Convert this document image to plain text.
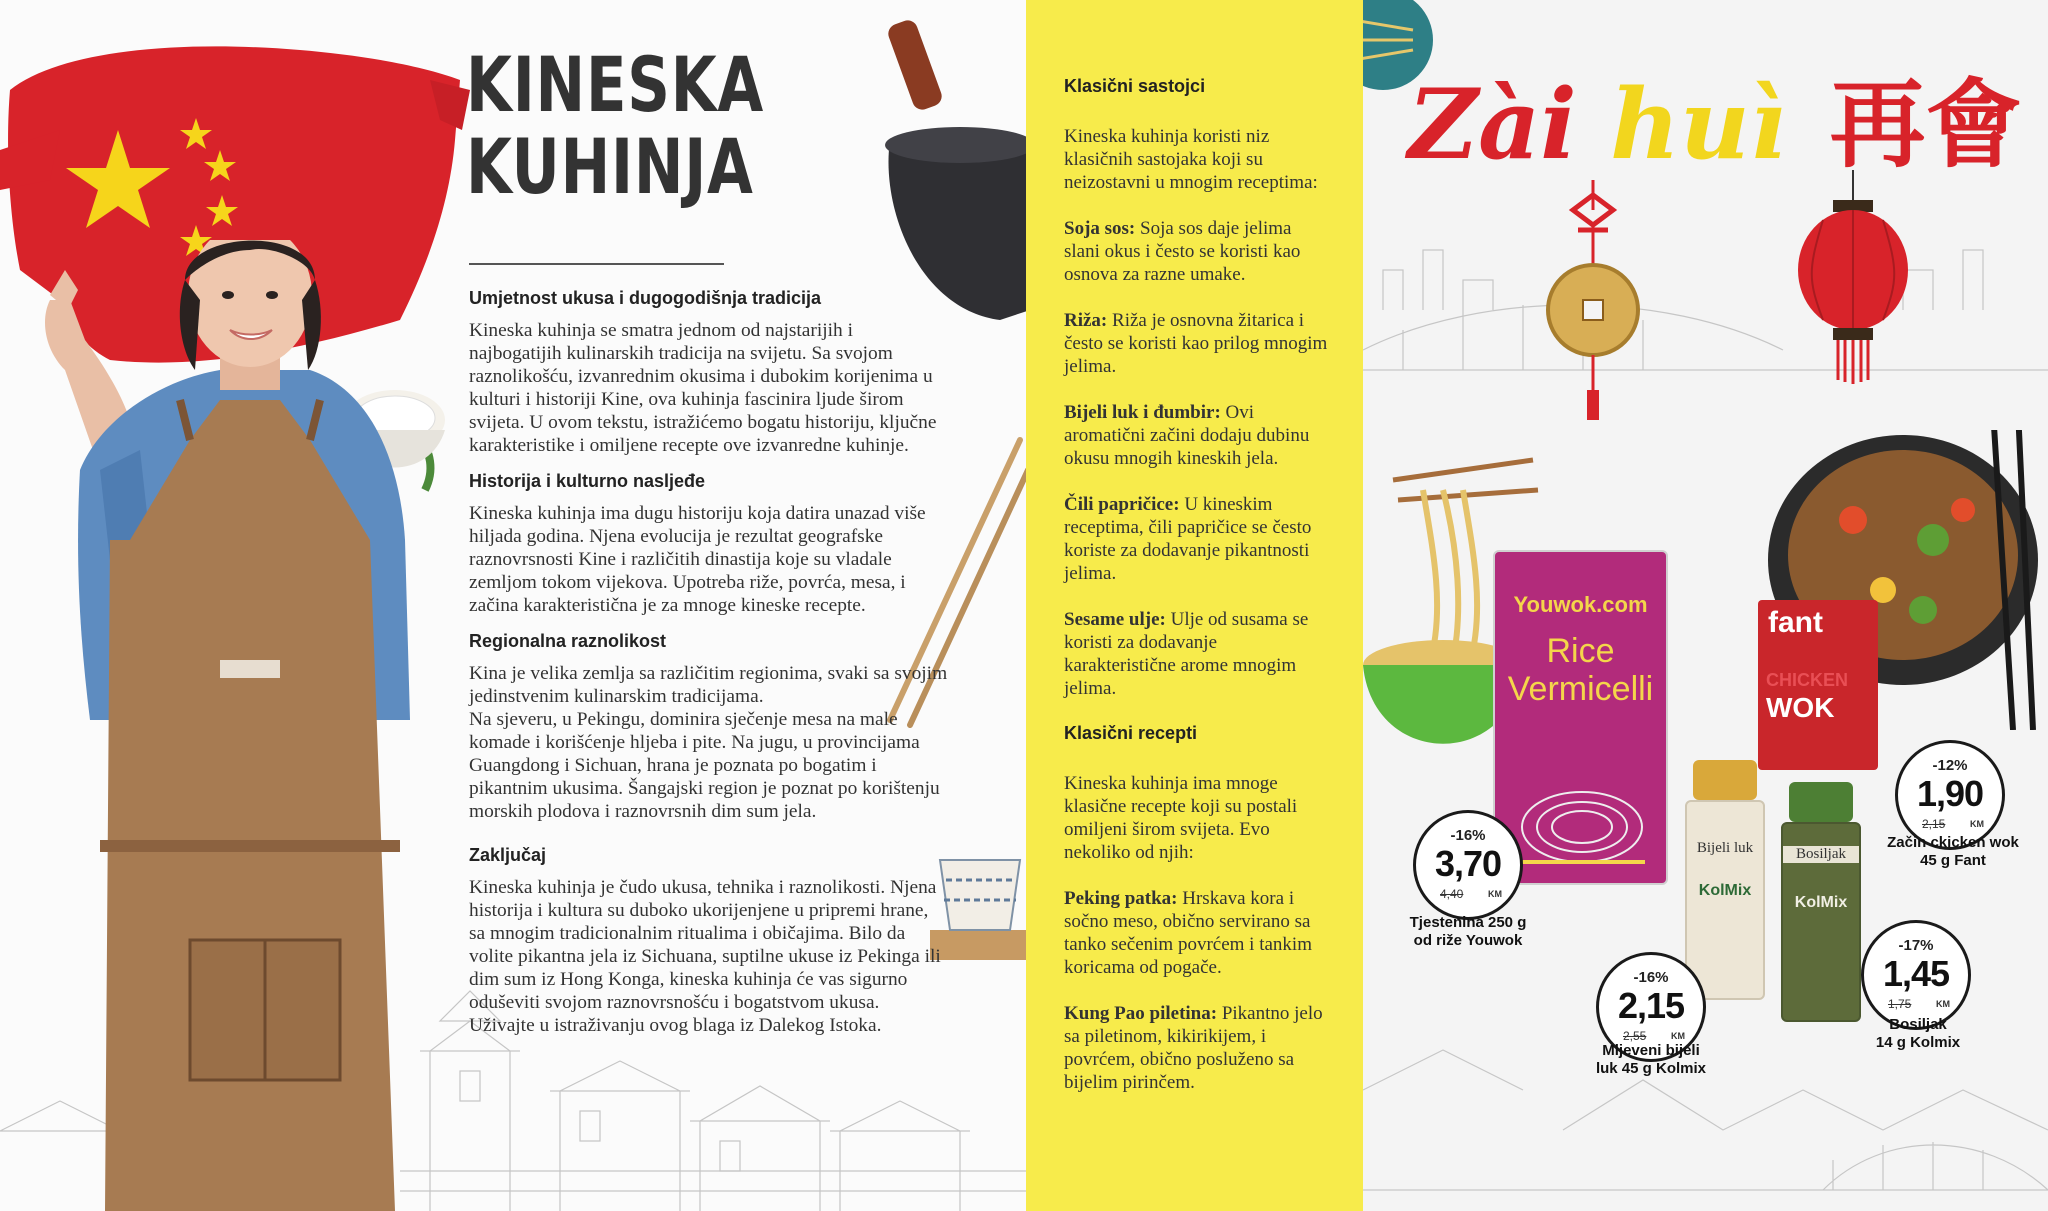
KINESKA
KUHINJA
Umjetnost ukusa i dugogodišnja tradicija
Kineska kuhinja se smatra jednom od najstarijih i najbogatijih kulinarskih tradicija na svijetu. Sa svojom raznolikošću, izvanrednim okusima i dubokim korijenima u kulturi i historiji Kine, ova kuhinja fascinira ljude širom svijeta. U ovom tekstu, istražićemo bogatu historiju, ključne karakteristike i omiljene recepte ove izvanredne kuhinje.
Historija i kulturno nasljeđe
Kineska kuhinja ima dugu historiju koja datira unazad više hiljada godina. Njena evolucija je rezultat geografske raznovrsnosti Kine i različitih dinastija koje su vladale zemljom tokom vijekova. Upotreba riže, povrća, mesa, i začina karakteristična je za mnoge kineske recepte.
Regionalna raznolikost
Kina je velika zemlja sa različitim regionima, svaki sa svojim jedinstvenim kulinarskim tradicijama.
Na sjeveru, u Pekingu, dominira sječenje mesa na male komade i korišćenje hljeba i pite. Na jugu, u provincijama Guangdong i Sichuan, hrana je poznata po bogatim i pikantnim ukusima. Šangajski region je poznat po korištenju morskih plodova i raznovrsnih dim sum jela.
Zaključaj
Kineska kuhinja je čudo ukusa, tehnika i raznolikosti. Njena historija i kultura su duboko ukorijenjene u pripremi hrane, sa mnogim tradicionalnim ritualima i običajima. Bilo da volite pikantna jela iz Sichuana, suptilne ukuse iz Pekinga ili dim sum iz Hong Konga, kineska kuhinja će vas sigurno oduševiti svojom raznovrsnošću i bogatstvom ukusa. Uživajte u istraživanju ovog blaga iz Dalekog Istoka.
Klasični sastojci
Kineska kuhinja koristi niz klasičnih sastojaka koji su neizostavni u mnogim receptima:
Soja sos: Soja sos daje jelima slani okus i često se koristi kao osnova za razne umake.
Riža: Riža je osnovna žitarica i često se koristi kao prilog mnogim jelima.
Bijeli luk i đumbir: Ovi aromatični začini dodaju dubinu okusu mnogih kineskih jela.
Čili papričice: U kineskim receptima, čili papričice se često koriste za dodavanje pikantnosti jelima.
Sesame ulje: Ulje od susama se koristi za dodavanje karakteristične arome mnogim jelima.
Klasični recepti
Kineska kuhinja ima mnoge klasične recepte koji su postali omiljeni širom svijeta. Evo nekoliko od njih:
Peking patka: Hrskava kora i sočno meso, obično servirano sa tanko sečenim povrćem i tankim koricama od pogače.
Kung Pao piletina: Pikantno jelo sa piletinom, kikirikijem, i povrćem, obično posluženo sa bijelim pirinčem.
Zài huì 再會
Youwok.com
Rice
Vermicelli
fant
CHICKEN
WOK
Bijeli luk
KolMix
Bosiljak
KolMix
-16%
3,70
4,40	KM
Tjestenina 250 g
od riže Youwok
-12%
1,90
2,15	KM
Začin ckicken wok
45 g Fant
-16%
2,15
2,55	KM
Mljeveni bijeli
luk 45 g Kolmix
-17%
1,45
1,75	KM
Bosiljak
14 g Kolmix
